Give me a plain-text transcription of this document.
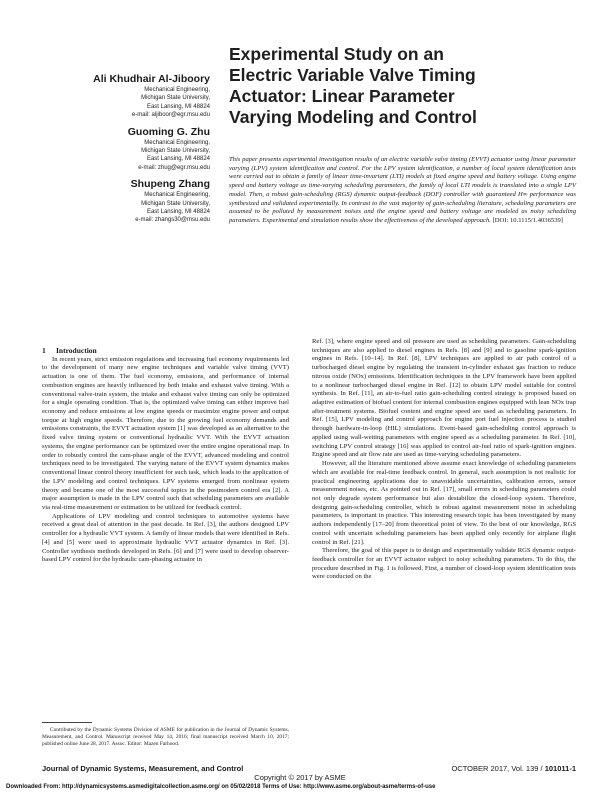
Experimental Study on an
Electric Variable Valve Timing
Actuator: Linear Parameter
Varying Modeling and Control
Ali Khudhair Al-Jiboory
Mechanical Engineering,
Michigan State University,
East Lansing, MI 48824
e-mail: aljiboor@egr.msu.edu
Guoming G. Zhu
Mechanical Engineering,
Michigan State University,
East Lansing, MI 48824
e-mail: zhug@egr.msu.edu
Shupeng Zhang
Mechanical Engineering,
Michigan State University,
East Lansing, MI 48824
e-mail: zhangs30@msu.edu
This paper presents experimental investigation results of an electric variable valve timing (EVVT) actuator using linear parameter varying (LPV) system identification and control. For the LPV system identification, a number of local system identification tests were carried out to obtain a family of linear time-invariant (LTI) models at fixed engine speed and battery voltage. Using engine speed and battery voltage as time-varying scheduling parameters, the family of local LTI models is translated into a single LPV model. Then, a robust gain-scheduling (RGS) dynamic output-feedback (DOF) controller with guaranteed H∞ performance was synthesized and validated experimentally. In contrast to the vast majority of gain-scheduling literature, scheduling parameters are assumed to be polluted by measurement noises and the engine speed and battery voltage are modeled as noisy scheduling parameters. Experimental and simulation results show the effectiveness of the developed approach. [DOI: 10.1115/1.4036539]

1 Introduction

In recent years, strict emission regulations and increasing fuel economy requirements led to the development of many new engine techniques and variable valve timing (VVT) actuation is one of them. The fuel economy, emissions, and performance of internal combustion engines are heavily influenced by both intake and exhaust valve timing. With a conventional valve-train system, the intake and exhaust valve timing can only be optimized for a single operating condition. That is, the optimized valve timing can either improve fuel economy and reduce emissions at low engine speeds or maximize engine power and output torque at high engine speeds. Therefore, due to the growing fuel economy demands and emissions constraints, the EVVT actuation system [1] was developed as an alternative to the fixed valve timing system or conventional hydraulic VVT. With the EVVT actuation systems, the engine performance can be optimized over the entire engine operational map. In order to robustly control the cam-phase angle of the EVVT, advanced modeling and control techniques need to be investigated. The varying nature of the EVVT system dynamics makes conventional linear control theory insufficient for such task, which leads to the application of the LPV modeling and control techniques. LPV systems emerged from nonlinear system theory and became one of the most successful topics in the postmodern control era [2]. A major assumption is made in the LPV control such that scheduling parameters are available via real-time measurement or estimation to be utilized for feedback control.

Applications of LPV modeling and control techniques to automotive systems have received a great deal of attention in the past decade. In Ref. [3], the authors designed LPV controller for a hydraulic VVT system. A family of linear models that were identified in Refs. [4] and [5] were used to approximate hydraulic VVT actuator dynamics in Ref. [3]. Controller synthesis methods developed in Refs. [6] and [7] were used to develop observer-based LPV control for the hydraulic cam-phasing actuator in

Ref. [3], where engine speed and oil pressure are used as scheduling parameters. Gain-scheduling techniques are also applied to diesel engines in Refs. [8] and [9] and to gasoline spark-ignition engines in Refs. [10–14]. In Ref. [8], LPV techniques are applied to air path control of a turbocharged diesel engine by regulating the transient in-cylinder exhaust gas fraction to reduce nitrous oxide (NOx) emissions. Identification techniques in the LPV framework have been applied to a nonlinear turbocharged diesel engine in Ref. [12] to obtain LPV model suitable for control synthesis. In Ref. [11], an air-to-fuel ratio gain-scheduling control strategy is proposed based on adaptive estimation of biofuel content for internal combustion engines equipped with lean NOx trap after-treatment systems. Biofuel content and engine speed are used as scheduling parameters. In Ref. [15], LPV modeling and control approach for engine port fuel injection process is studied through hardware-in-loop (HIL) simulations. Event-based gain-scheduling control approach is applied using wall-wetting parameters with engine speed as a scheduling parameter. In Ref. [10], switching LPV control strategy [16] was applied to control air-fuel ratio of spark-ignition engines. Engine speed and air flow rate are used as time-varying scheduling parameters.

However, all the literature mentioned above assume exact knowledge of scheduling parameters which are available for real-time feedback control. In general, such assumption is not realistic for practical engineering applications due to unavoidable uncertainties, calibration errors, sensor measurement noises, etc. As pointed out in Ref. [17], small errors in scheduling parameters could not only degrade system performance but also destabilize the closed-loop system. Therefore, designing gain-scheduling controller, which is robust against measurement noise in scheduling parameters, is important in practice. This interesting research topic has been investigated by many authors independently [17–20] from theoretical point of view. To the best of our knowledge, RGS control with uncertain scheduling parameters has been applied only recently for airplane flight control in Ref. [21].

Therefore, the goal of this paper is to design and experimentally validate RGS dynamic output-feedback controller for an EVVT actuator subject to noisy scheduling parameters. To do this, the procedure described in Fig. 1 is followed. First, a number of closed-loop system identification tests were conducted on the

Contributed by the Dynamic Systems Division of ASME for publication in the Journal of Dynamic Systems, Measurement, and Control. Manuscript received May 14, 2016; final manuscript received March 10, 2017; published online June 28, 2017. Assoc. Editor: Mazen Farhood.
Journal of Dynamic Systems, Measurement, and Control	OCTOBER 2017, Vol. 139 / 101011-1
Copyright © 2017 by ASME
Downloaded From: http://dynamicsystems.asmedigitalcollection.asme.org/ on 05/02/2018 Terms of Use: http://www.asme.org/about-asme/terms-of-use
